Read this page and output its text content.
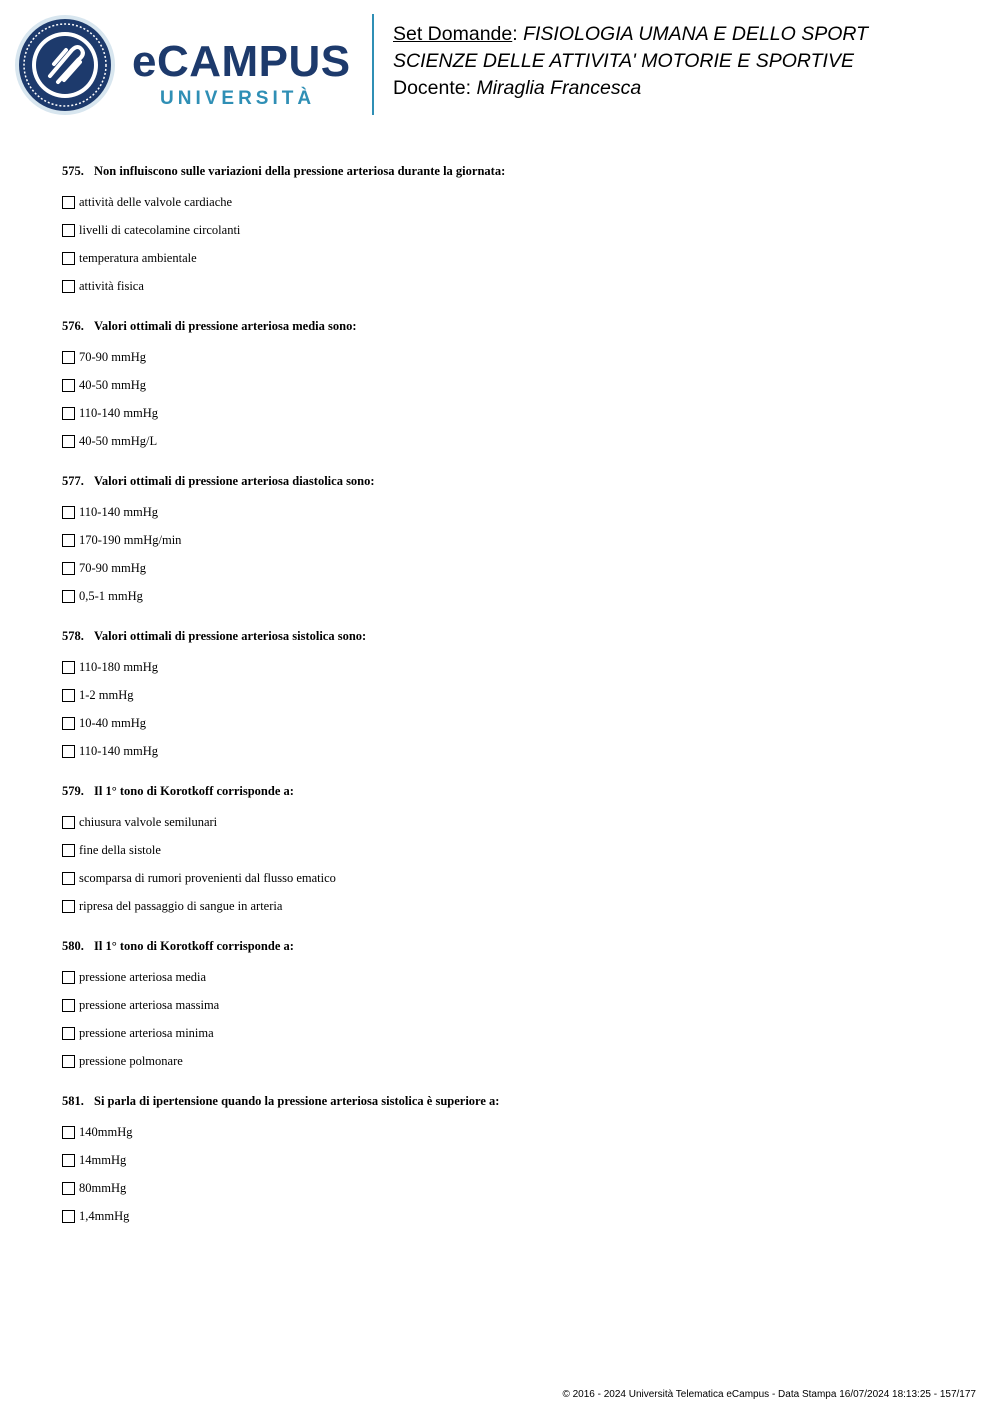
eCAMPUS
UNIVERSITÀ
Set Domande: FISIOLOGIA UMANA E DELLO SPORT
SCIENZE DELLE ATTIVITA' MOTORIE E SPORTIVE
Docente: Miraglia Francesca
575. Non influiscono sulle variazioni della pressione arteriosa durante la giornata:
attività delle valvole cardiache
livelli di catecolamine circolanti
temperatura ambientale
attività fisica
576. Valori ottimali di pressione arteriosa media sono:
70-90 mmHg
40-50 mmHg
110-140 mmHg
40-50 mmHg/L
577. Valori ottimali di pressione arteriosa diastolica sono:
110-140 mmHg
170-190 mmHg/min
70-90 mmHg
0,5-1 mmHg
578. Valori ottimali di pressione arteriosa sistolica sono:
110-180 mmHg
1-2 mmHg
10-40 mmHg
110-140 mmHg
579. Il 1° tono di Korotkoff corrisponde a:
chiusura valvole semilunari
fine della sistole
scomparsa di rumori provenienti dal flusso ematico
ripresa del passaggio di sangue in arteria
580. Il 1° tono di Korotkoff corrisponde a:
pressione arteriosa media
pressione arteriosa massima
pressione arteriosa minima
pressione polmonare
581. Si parla di ipertensione quando la pressione arteriosa sistolica è superiore a:
140mmHg
14mmHg
80mmHg
1,4mmHg
© 2016 - 2024 Università Telematica eCampus - Data Stampa 16/07/2024 18:13:25 - 157/177
